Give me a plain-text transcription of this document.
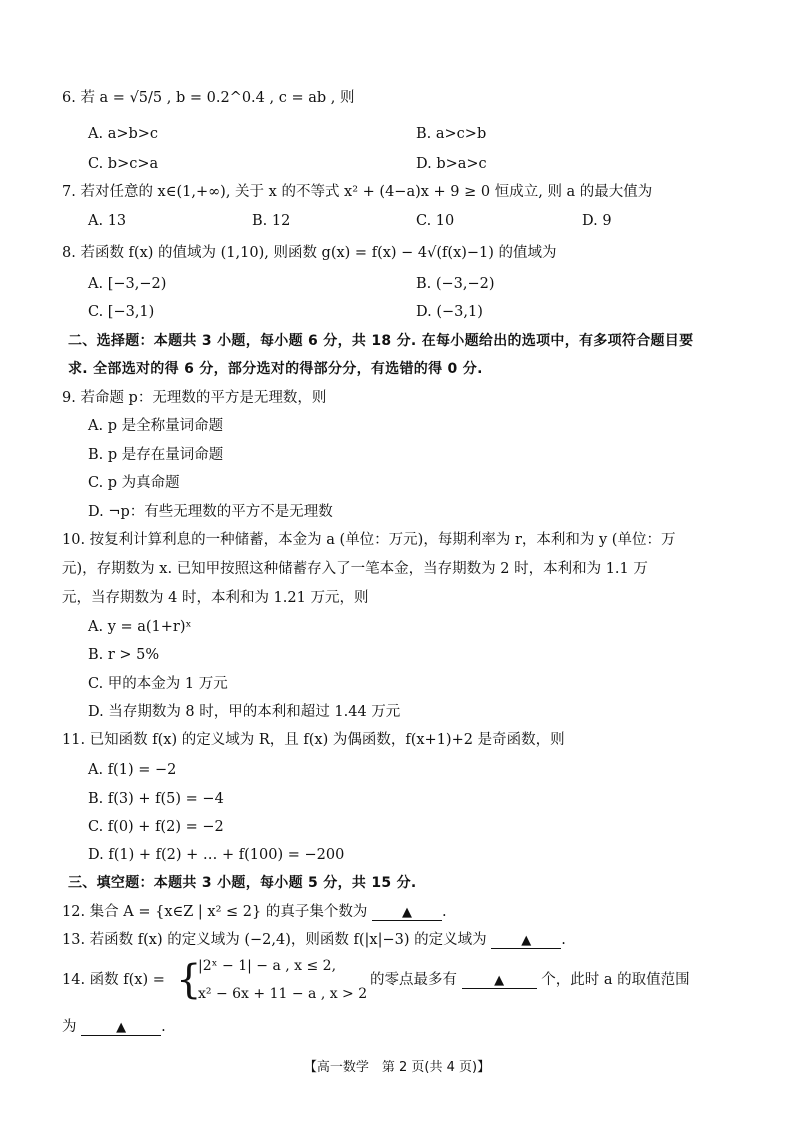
6. 若 a = √5/5 , b = 0.2^0.4 , c = ab , 则
A. a>b>c	B. a>c>b
C. b>c>a	D. b>a>c
7. 若对任意的 x∈(1,+∞), 关于 x 的不等式 x² + (4−a)x + 9 ≥ 0 恒成立, 则 a 的最大值为
A. 13	B. 12	C. 10	D. 9
8. 若函数 f(x) 的值域为 (1,10), 则函数 g(x) = f(x) − 4√(f(x)−1) 的值域为
A. [−3,−2)	B. (−3,−2)
C. [−3,1)	D. (−3,1)
二、选择题：本题共 3 小题，每小题 6 分，共 18 分. 在每小题给出的选项中，有多项符合题目要
求. 全部选对的得 6 分，部分选对的得部分分，有选错的得 0 分.
9. 若命题 p：无理数的平方是无理数，则
A. p 是全称量词命题
B. p 是存在量词命题
C. p 为真命题
D. ¬p：有些无理数的平方不是无理数
10. 按复利计算利息的一种储蓄，本金为 a (单位：万元)，每期利率为 r，本利和为 y (单位：万
元)，存期数为 x. 已知甲按照这种储蓄存入了一笔本金，当存期数为 2 时，本利和为 1.1 万
元，当存期数为 4 时，本利和为 1.21 万元，则
A. y = a(1+r)ˣ
B. r > 5%
C. 甲的本金为 1 万元
D. 当存期数为 8 时，甲的本利和超过 1.44 万元
11. 已知函数 f(x) 的定义域为 R，且 f(x) 为偶函数，f(x+1)+2 是奇函数，则
A. f(1) = −2
B. f(3) + f(5) = −4
C. f(0) + f(2) = −2
D. f(1) + f(2) + … + f(100) = −200
三、填空题：本题共 3 小题，每小题 5 分，共 15 分.
12. 集合 A = {x∈Z | x² ≤ 2} 的真子集个数为	▲ .
13. 若函数 f(x) 的定义域为 (−2,4)，则函数 f(|x|−3) 的定义域为	▲ .
14. 函数 f(x) = {
|2ˣ − 1| − a , x ≤ 2,
x² − 6x + 11 − a , x > 2
的零点最多有	▲	个，此时 a 的取值范围
为	▲ .
【高一数学　第 2 页(共 4 页)】
